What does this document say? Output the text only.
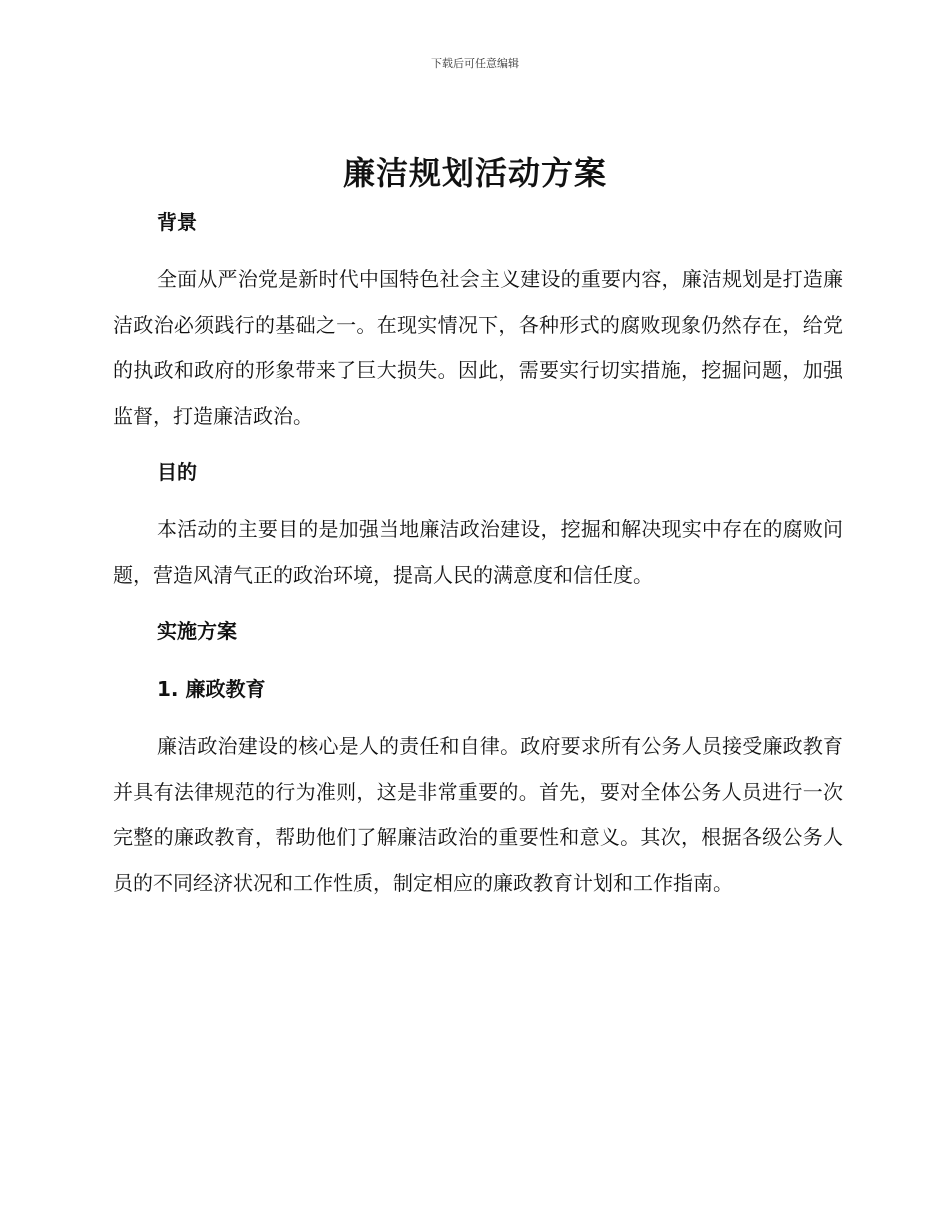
下载后可任意编辑
廉洁规划活动方案
背景

全面从严治党是新时代中国特色社会主义建设的重要内容，廉洁规划是打造廉洁政治必须践行的基础之一。在现实情况下，各种形式的腐败现象仍然存在，给党的执政和政府的形象带来了巨大损失。因此，需要实行切实措施，挖掘问题，加强监督，打造廉洁政治。

目的

本活动的主要目的是加强当地廉洁政治建设，挖掘和解决现实中存在的腐败问题，营造风清气正的政治环境，提高人民的满意度和信任度。

实施方案
1. 廉政教育

廉洁政治建设的核心是人的责任和自律。政府要求所有公务人员接受廉政教育并具有法律规范的行为准则，这是非常重要的。首先，要对全体公务人员进行一次完整的廉政教育，帮助他们了解廉洁政治的重要性和意义。其次，根据各级公务人员的不同经济状况和工作性质，制定相应的廉政教育计划和工作指南。
